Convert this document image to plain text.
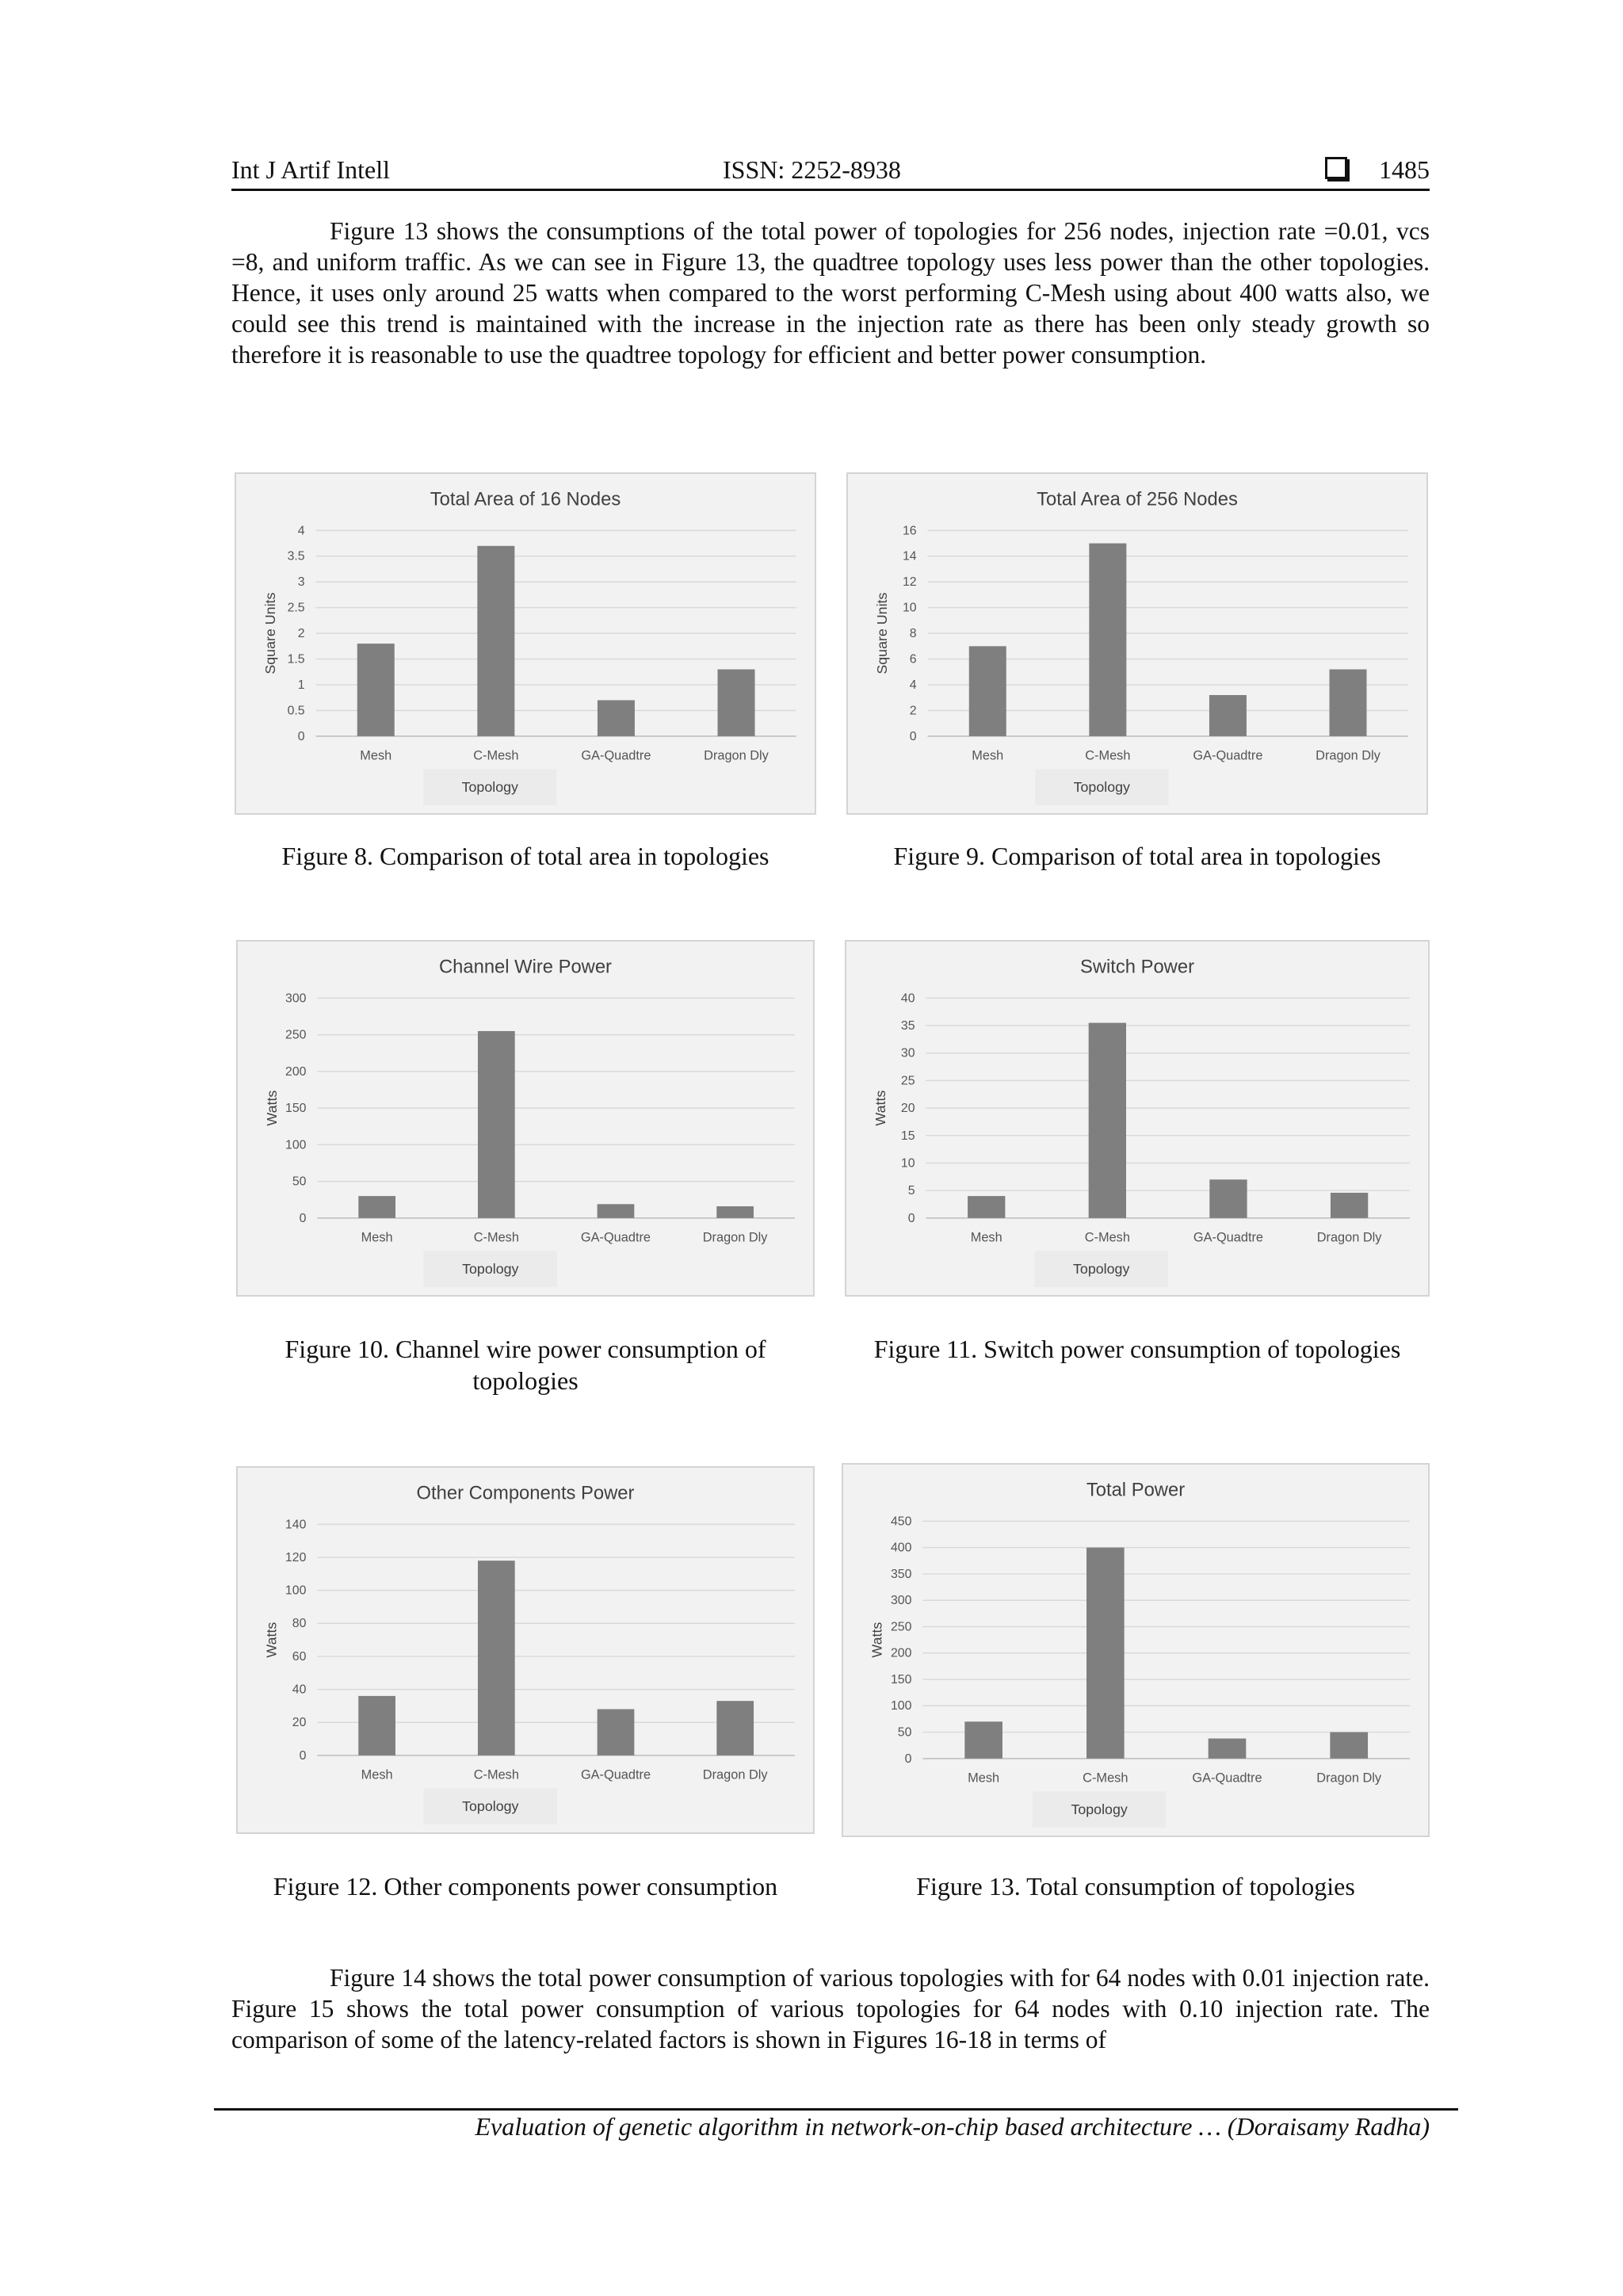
Int J Artif Intell	ISSN: 2252-8938	1485

Figure 13 shows the consumptions of the total power of topologies for 256 nodes, injection rate =0.01, vcs =8, and uniform traffic. As we can see in Figure 13, the quadtree topology uses less power than the other topologies. Hence, it uses only around 25 watts when compared to the worst performing C-Mesh using about 400 watts also, we could see this trend is maintained with the increase in the injection rate as there has been only steady growth so therefore it is reasonable to use the quadtree topology for efficient and better power consumption.

Total Area of 16 Nodes
0
0.5
1
1.5
2
2.5
3
3.5
4
Mesh	C-Mesh	GA-Quadtre	Dragon Dly
Square Units
Topology

Figure 8. Comparison of total area in topologies

Total Area of 256 Nodes
0
2
4
6
8
10
12
14
16
Mesh	C-Mesh	GA-Quadtre	Dragon Dly
Square Units
Topology

Figure 9. Comparison of total area in topologies

Channel Wire Power
0
50
100
150
200
250
300
Mesh	C-Mesh	GA-Quadtre	Dragon Dly
Watts
Topology
Figure 10. Channel wire power consumption of
topologies
Switch Power
0
5
10
15
20
25
30
35
40
Mesh	C-Mesh	GA-Quadtre	Dragon Dly
Watts
Topology

Figure 11. Switch power consumption of topologies

Other Components Power
0
20
40
60
80
100
120
140
Mesh	C-Mesh	GA-Quadtre	Dragon Dly
Watts
Topology

Figure 12. Other components power consumption

Total Power
0
50
100
150
200
250
300
350
400
450
Mesh	C-Mesh	GA-Quadtre	Dragon Dly
Watts
Topology

Figure 13. Total consumption of topologies

Figure 14 shows the total power consumption of various topologies with for 64 nodes with 0.01 injection rate. Figure 15 shows the total power consumption of various topologies for 64 nodes with 0.10 injection rate. The comparison of some of the latency-related factors is shown in Figures 16-18 in terms of

Evaluation of genetic algorithm in network-on-chip based architecture … (Doraisamy Radha)
